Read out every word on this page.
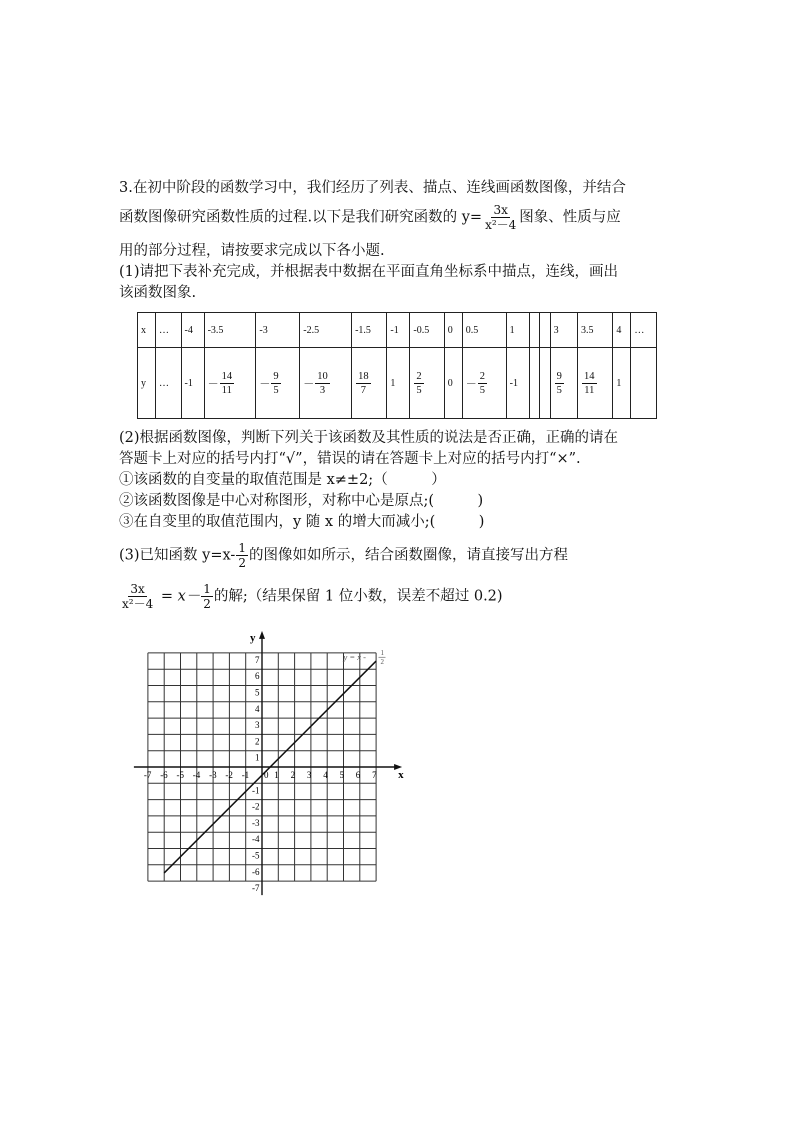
3.在初中阶段的函数学习中，我们经历了列表、描点、连线画函数图像，并结合
函数图像研究函数性质的过程.以下是我们研究函数的 $y= \frac{3x}{\text{x²－4}}$ 图象、性质与应
用的部分过程，请按要求完成以下各小题.
(1)请把下表补充完成，并根据表中数据在平面直角坐标系中描点，连线，画出
该函数图象.
x	…	-4	-3.5	-3	-2.5	-1.5	-1	-0.5	0	0.5	1			3	3.5	4	…
y	…	-1	－ $\frac{14}{11}$	－ $\frac{9}{5}$	－ $\frac{10}{3}$	$\frac{18}{7}$	1	$\frac{2}{5}$	0	－ $\frac{2}{5}$	-1			$\frac{9}{5}$	$\frac{14}{11}$	1	
(2)根据函数图像，判断下列关于该函数及其性质的说法是否正确，正确的请在
答题卡上对应的括号内打“√”，错误的请在答题卡上对应的括号内打“×”.
①该函数的自变量的取值范围是 x≠±2;（　　　）
②该函数图像是中心对称图形，对称中心是原点;(　　　)
③在自变里的取值范围内，y 随 x 的增大而减小;(　　　)
(3)已知函数 $y=x- \frac{1}{2}$ 的图像如如所示，结合函数圈像，请直接写出方程
$\frac{3x}{\text{x²－4}} = x- \frac{1}{2}$ 的解;（结果保留 1 位小数，误差不超过 0.2)
x
y
-7 -6 -5 -4 -3 -2 -1	1 2 3 4 5 6 7
7
6
5
4
3
2
1
-1
-2
-3
-4
-5
-6
-7
0
y = x - 1
2
